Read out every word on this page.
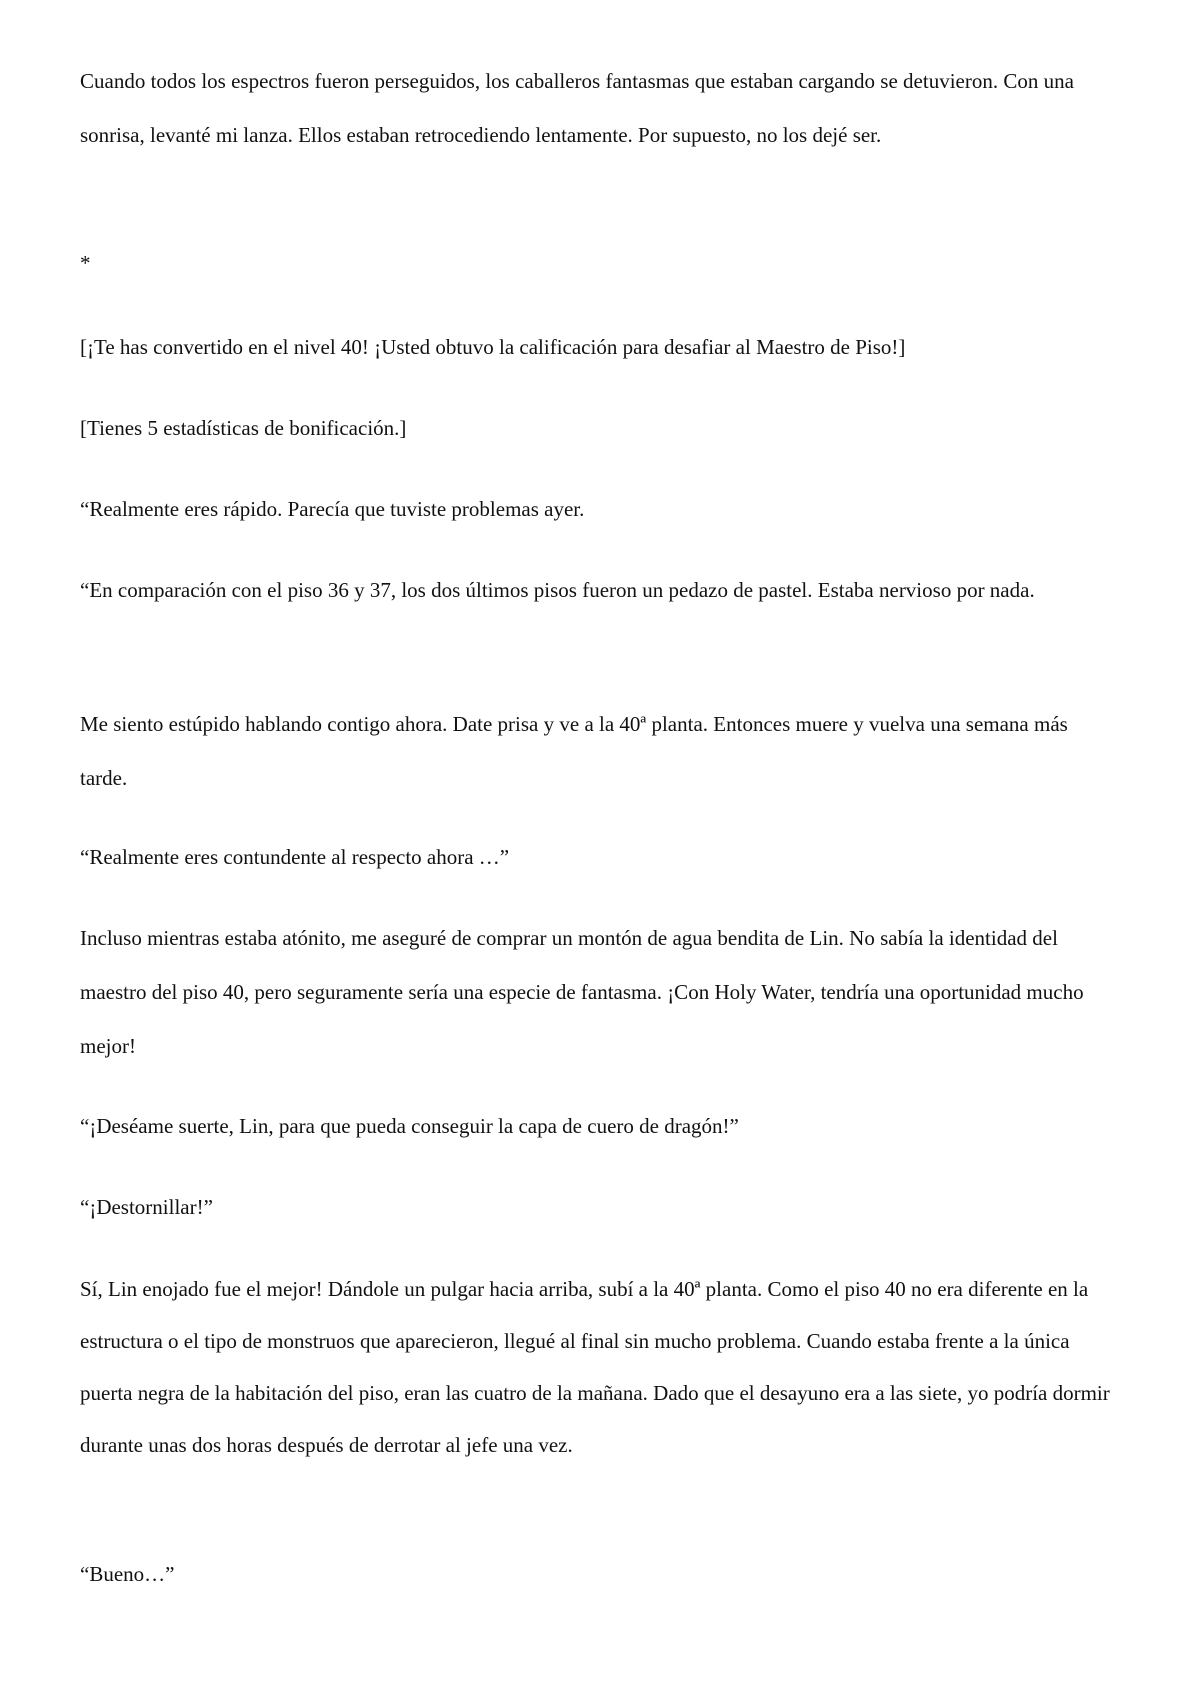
Cuando todos los espectros fueron perseguidos, los caballeros fantasmas que estaban cargando se detuvieron. Con una sonrisa, levanté mi lanza. Ellos estaban retrocediendo lentamente. Por supuesto, no los dejé ser.

*

[¡Te has convertido en el nivel 40! ¡Usted obtuvo la calificación para desafiar al Maestro de Piso!]

[Tienes 5 estadísticas de bonificación.]

“Realmente eres rápido. Parecía que tuviste problemas ayer.

“En comparación con el piso 36 y 37, los dos últimos pisos fueron un pedazo de pastel. Estaba nervioso por nada.

Me siento estúpido hablando contigo ahora. Date prisa y ve a la 40ª planta. Entonces muere y vuelva una semana más tarde.

“Realmente eres contundente al respecto ahora …”

Incluso mientras estaba atónito, me aseguré de comprar un montón de agua bendita de Lin. No sabía la identidad del maestro del piso 40, pero seguramente sería una especie de fantasma. ¡Con Holy Water, tendría una oportunidad mucho mejor!

“¡Deséame suerte, Lin, para que pueda conseguir la capa de cuero de dragón!”

“¡Destornillar!”

Sí, Lin enojado fue el mejor! Dándole un pulgar hacia arriba, subí a la 40ª planta. Como el piso 40 no era diferente en la estructura o el tipo de monstruos que aparecieron, llegué al final sin mucho problema. Cuando estaba frente a la única puerta negra de la habitación del piso, eran las cuatro de la mañana. Dado que el desayuno era a las siete, yo podría dormir durante unas dos horas después de derrotar al jefe una vez.

“Bueno…”
